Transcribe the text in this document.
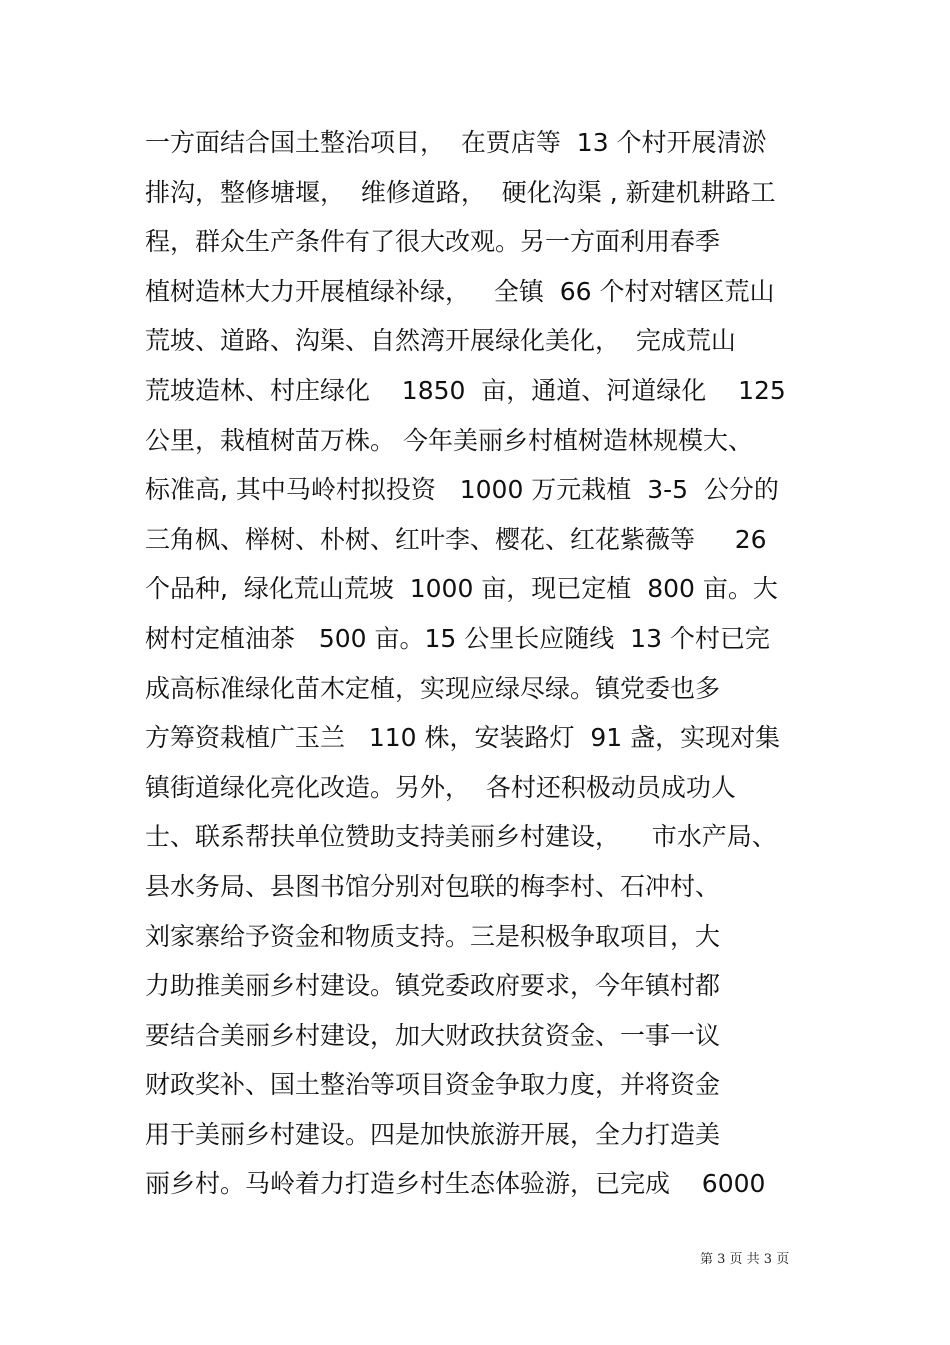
一方面结合国土整治项目，  在贾店等  13 个村开展清淤
排沟，整修塘堰，  维修道路，  硬化沟渠 , 新建机耕路工
程，群众生产条件有了很大改观。另一方面利用春季
植树造林大力开展植绿补绿，   全镇  66 个村对辖区荒山
荒坡、道路、沟渠、自然湾开展绿化美化，  完成荒山
荒坡造林、村庄绿化    1850  亩，通道、河道绿化    125
公里，栽植树苗万株。 今年美丽乡村植树造林规模大、
标准高, 其中马岭村拟投资   1000 万元栽植  3-5  公分的
三角枫、榉树、朴树、红叶李、樱花、红花紫薇等     26
个品种,  绿化荒山荒坡  1000 亩，现已定植  800 亩。大
树村定植油茶   500 亩。15 公里长应随线  13 个村已完
成高标准绿化苗木定植，实现应绿尽绿。镇党委也多
方筹资栽植广玉兰   110 株，安装路灯  91 盏，实现对集
镇街道绿化亮化改造。另外，  各村还积极动员成功人
士、联系帮扶单位赞助支持美丽乡村建设，    市水产局、
县水务局、县图书馆分别对包联的梅李村、石冲村、
刘家寨给予资金和物质支持。三是积极争取项目，大
力助推美丽乡村建设。镇党委政府要求，今年镇村都
要结合美丽乡村建设，加大财政扶贫资金、一事一议
财政奖补、国土整治等项目资金争取力度，并将资金
用于美丽乡村建设。四是加快旅游开展，全力打造美
丽乡村。马岭着力打造乡村生态体验游，已完成    6000
第 3 页 共 3 页
